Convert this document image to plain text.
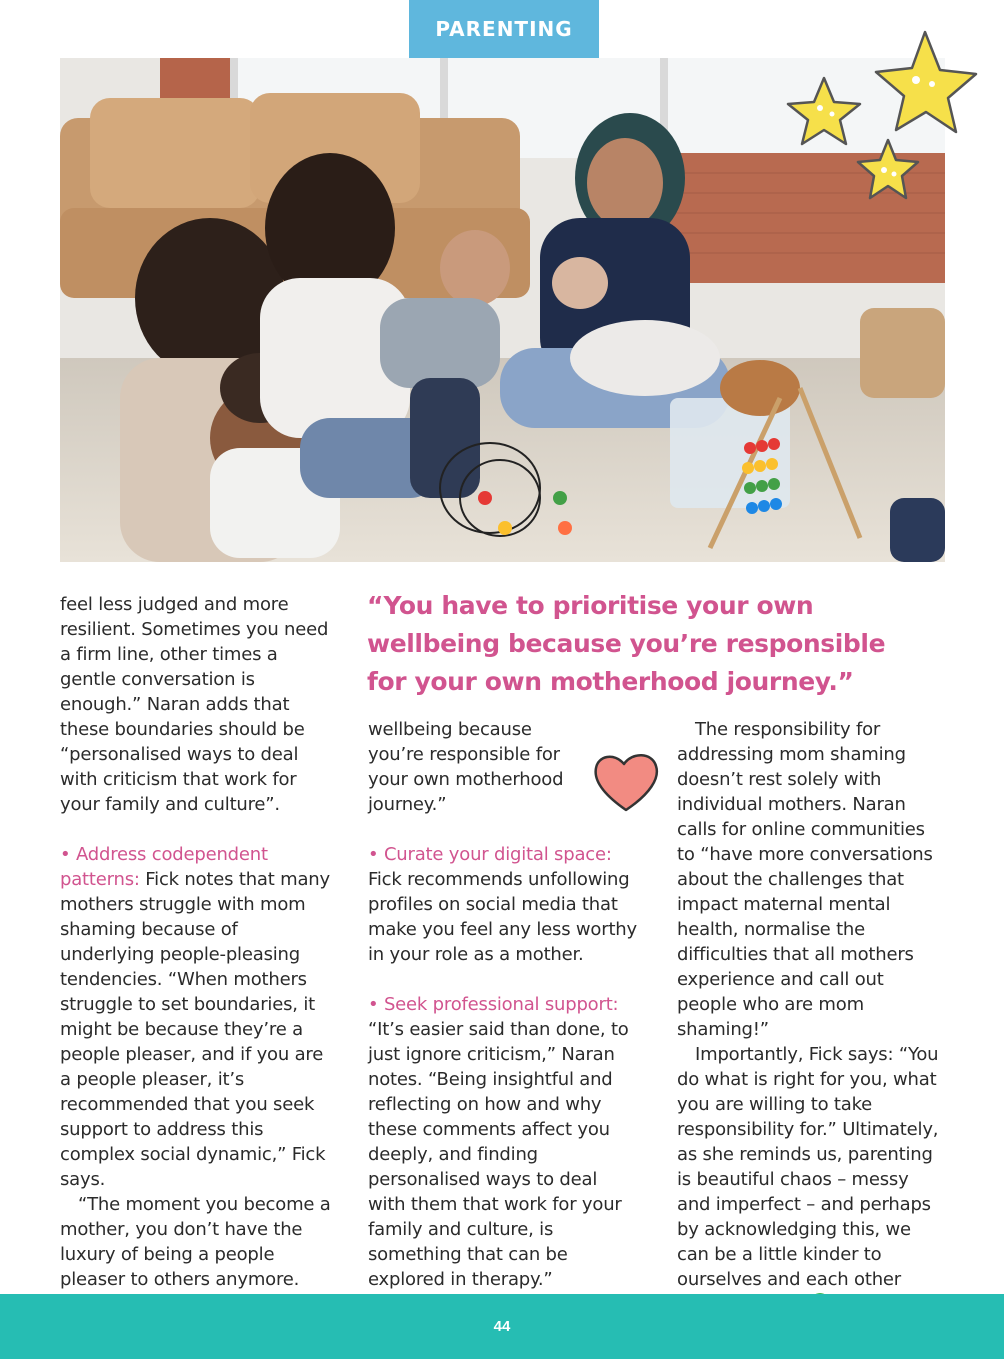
PARENTING

feel less judged and more resilient. Sometimes you need a firm line, other times a gentle conversation is enough.” Naran adds that these boundaries should be “personalised ways to deal with criticism that work for your family and culture”.

• Address codependent patterns: Fick notes that many mothers struggle with mom shaming because of underlying people-pleasing tendencies. “When mothers struggle to set boundaries, it might be because they’re a people pleaser, and if you are a people pleaser, it’s recommended that you seek support to address this complex social dynamic,” Fick says.

“The moment you become a mother, you don’t have the luxury of being a people pleaser to others anymore.

“You have to prioritise your own wellbeing because you’re responsible for your own motherhood journey.”

wellbeing because you’re responsible for your own motherhood journey.”

• Curate your digital space: Fick recommends unfollowing profiles on social media that make you feel any less worthy in your role as a mother.

• Seek professional support: “It’s easier said than done, to just ignore criticism,” Naran notes. “Being insightful and reflecting on how and why these comments affect you deeply, and finding personalised ways to deal with them that work for your family and culture, is something that can be explored in therapy.”

The responsibility for addressing mom shaming doesn’t rest solely with individual mothers. Naran calls for online communities to “have more conversations about the challenges that impact maternal mental health, normalise the difficulties that all mothers experience and call out people who are mom shaming!”

Importantly, Fick says: “You do what is right for you, what you are willing to take responsibility for.” Ultimately, as she reminds us, parenting is beautiful chaos – messy and imperfect – and perhaps by acknowledging this, we can be a little kinder to ourselves and each other

44
